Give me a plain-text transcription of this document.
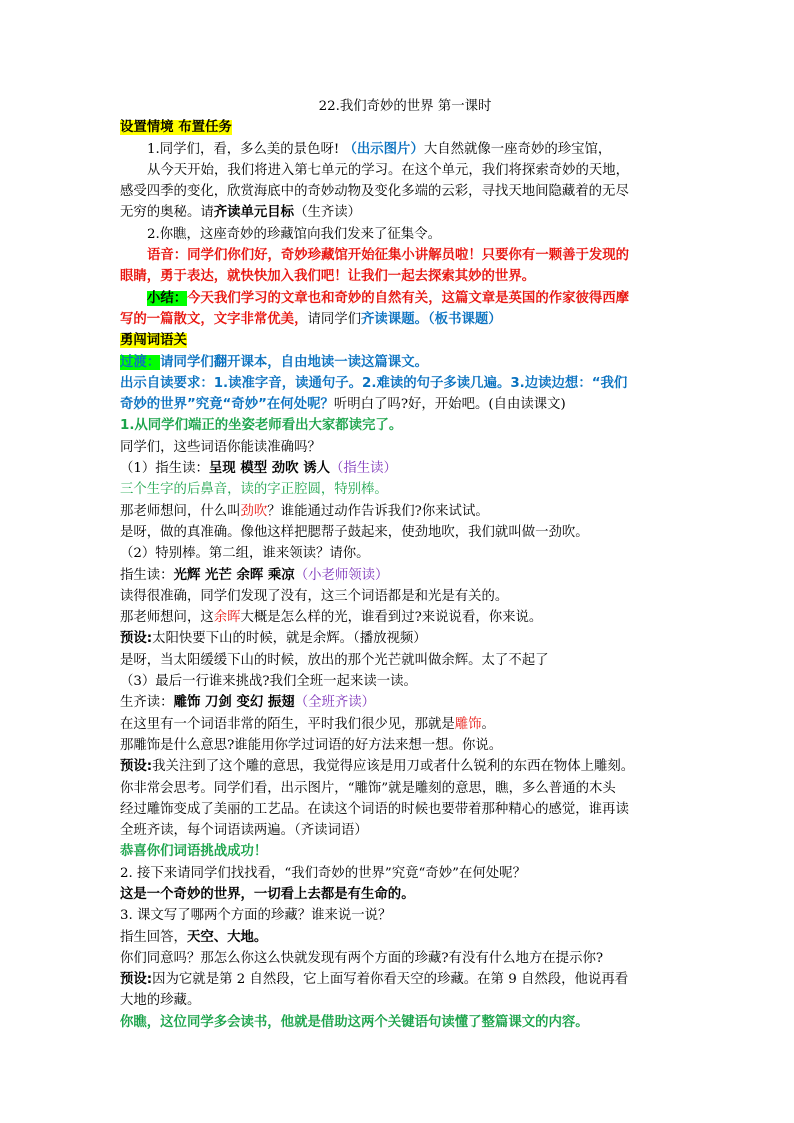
22.我们奇妙的世界 第一课时
设置情境 布置任务
1.同学们，看，多么美的景色呀! （出示图片）大自然就像一座奇妙的珍宝馆，
从今天开始，我们将进入第七单元的学习。在这个单元，我们将探索奇妙的天地，
感受四季的变化，欣赏海底中的奇妙动物及变化多端的云彩，寻找天地间隐藏着的无尽
无穷的奥秘。请齐读单元目标（生齐读）
2.你瞧，这座奇妙的珍藏馆向我们发来了征集令。
语音：同学们你们好，奇妙珍藏馆开始征集小讲解员啦！只要你有一颗善于发现的
眼睛，勇于表达，就快快加入我们吧！让我们一起去探索其妙的世界。
小结：今天我们学习的文章也和奇妙的自然有关，这篇文章是英国的作家彼得西摩
写的一篇散文，文字非常优美，请同学们齐读课题。（板书课题）
勇闯词语关
过渡：请同学们翻开课本，自由地读一读这篇课文。
出示自读要求：1.读准字音，读通句子。2.难读的句子多读几遍。3.边读边想：“我们
奇妙的世界”究竟“奇妙”在何处呢？听明白了吗?好，开始吧。(自由读课文)
1.从同学们端正的坐姿老师看出大家都读完了。
同学们，这些词语你能读准确吗？
（1）指生读：呈现 模型 劲吹 诱人（指生读）
三个生字的后鼻音，读的字正腔圆，特别棒。
那老师想问，什么叫劲吹？谁能通过动作告诉我们?你来试试。
是呀，做的真准确。像他这样把腮帮子鼓起来，使劲地吹，我们就叫做一劲吹。
（2）特别棒。第二组，谁来领读？请你。
指生读：光辉 光芒 余晖 乘凉（小老师领读）
读得很准确，同学们发现了没有，这三个词语都是和光是有关的。
那老师想问，这余晖大概是怎么样的光，谁看到过?来说说看，你来说。
预设:太阳快要下山的时候，就是余辉。（播放视频）
是呀，当太阳缓缓下山的时候，放出的那个光芒就叫做余辉。太了不起了
（3）最后一行谁来挑战?我们全班一起来读一读。
生齐读：雕饰 刀剑 变幻 振翅（全班齐读）
在这里有一个词语非常的陌生，平时我们很少见，那就是雕饰。
那雕饰是什么意思?谁能用你学过词语的好方法来想一想。你说。
预设:我关注到了这个雕的意思，我觉得应该是用刀或者什么锐利的东西在物体上雕刻。
你非常会思考。同学们看，出示图片，“雕饰”就是雕刻的意思，瞧，多么普通的木头
经过雕饰变成了美丽的工艺品。在读这个词语的时候也要带着那种精心的感觉，谁再读
全班齐读，每个词语读两遍。（齐读词语）
恭喜你们词语挑战成功！
2. 接下来请同学们找找看，“我们奇妙的世界”究竟“奇妙”在何处呢？
这是一个奇妙的世界，一切看上去都是有生命的。
3. 课文写了哪两个方面的珍藏？谁来说一说？
指生回答，天空、大地。
你们同意吗？那怎么你这么快就发现有两个方面的珍藏?有没有什么地方在提示你?
预设:因为它就是第 2 自然段，它上面写着你看天空的珍藏。在第 9 自然段，他说再看
大地的珍藏。
你瞧，这位同学多会读书，他就是借助这两个关键语句读懂了整篇课文的内容。
